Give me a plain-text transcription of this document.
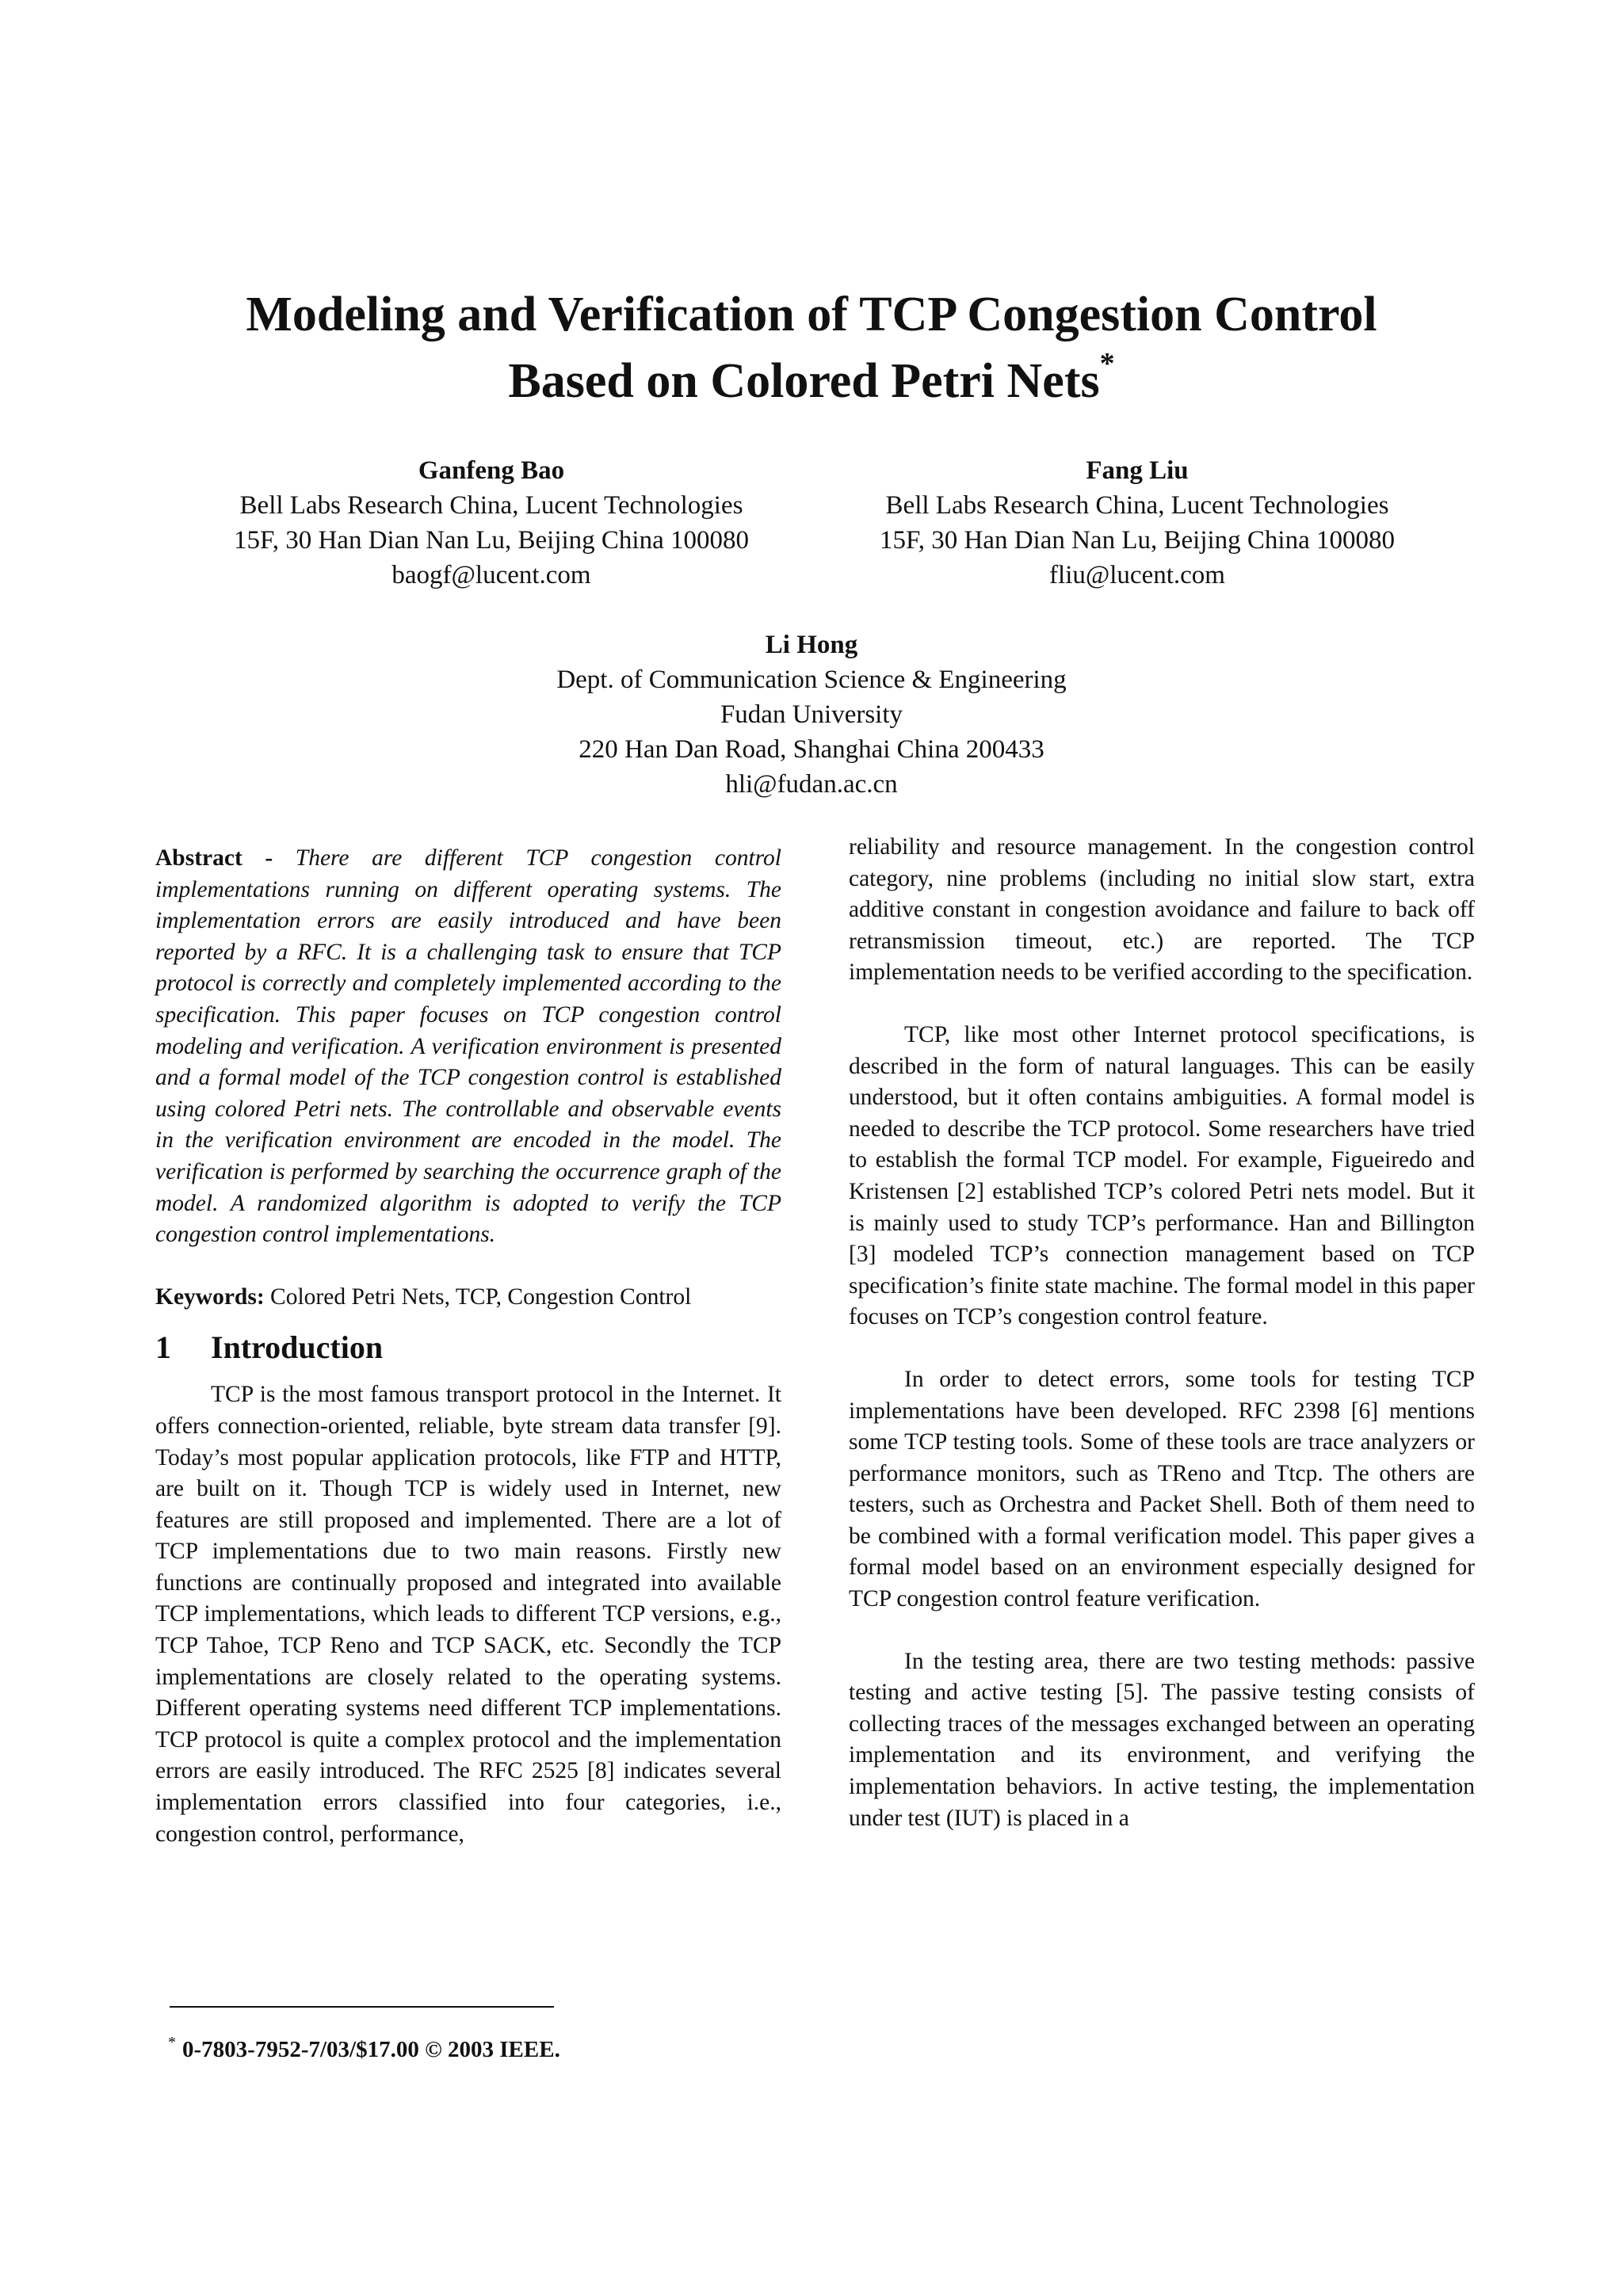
Modeling and Verification of TCP Congestion Control
Based on Colored Petri Nets*
Ganfeng Bao
Bell Labs Research China, Lucent Technologies
15F, 30 Han Dian Nan Lu, Beijing China 100080
baogf@lucent.com
Fang Liu
Bell Labs Research China, Lucent Technologies
15F, 30 Han Dian Nan Lu, Beijing China 100080
fliu@lucent.com
Li Hong
Dept. of Communication Science & Engineering
Fudan University
220 Han Dan Road, Shanghai China 200433
hli@fudan.ac.cn

Abstract - There are different TCP congestion control implementations running on different operating systems. The implementation errors are easily introduced and have been reported by a RFC. It is a challenging task to ensure that TCP protocol is correctly and completely implemented according to the specification. This paper focuses on TCP congestion control modeling and verification. A verification environment is presented and a formal model of the TCP congestion control is established using colored Petri nets. The controllable and observable events in the verification environment are encoded in the model. The verification is performed by searching the occurrence graph of the model. A randomized algorithm is adopted to verify the TCP congestion control implementations.

Keywords: Colored Petri Nets, TCP, Congestion Control

1 Introduction

TCP is the most famous transport protocol in the Internet. It offers connection-oriented, reliable, byte stream data transfer [9]. Today’s most popular application protocols, like FTP and HTTP, are built on it. Though TCP is widely used in Internet, new features are still proposed and implemented. There are a lot of TCP implementations due to two main reasons. Firstly new functions are continually proposed and integrated into available TCP implementations, which leads to different TCP versions, e.g., TCP Tahoe, TCP Reno and TCP SACK, etc. Secondly the TCP implementations are closely related to the operating systems. Different operating systems need different TCP implementations. TCP protocol is quite a complex protocol and the implementation errors are easily introduced. The RFC 2525 [8] indicates several implementation errors classified into four categories, i.e., congestion control, performance,

reliability and resource management. In the congestion control category, nine problems (including no initial slow start, extra additive constant in congestion avoidance and failure to back off retransmission timeout, etc.) are reported. The TCP implementation needs to be verified according to the specification.

TCP, like most other Internet protocol specifications, is described in the form of natural languages. This can be easily understood, but it often contains ambiguities. A formal model is needed to describe the TCP protocol. Some researchers have tried to establish the formal TCP model. For example, Figueiredo and Kristensen [2] established TCP’s colored Petri nets model. But it is mainly used to study TCP’s performance. Han and Billington [3] modeled TCP’s connection management based on TCP specification’s finite state machine. The formal model in this paper focuses on TCP’s congestion control feature.

In order to detect errors, some tools for testing TCP implementations have been developed. RFC 2398 [6] mentions some TCP testing tools. Some of these tools are trace analyzers or performance monitors, such as TReno and Ttcp. The others are testers, such as Orchestra and Packet Shell. Both of them need to be combined with a formal verification model. This paper gives a formal model based on an environment especially designed for TCP congestion control feature verification.

In the testing area, there are two testing methods: passive testing and active testing [5]. The passive testing consists of collecting traces of the messages exchanged between an operating implementation and its environment, and verifying the implementation behaviors. In active testing, the implementation under test (IUT) is placed in a

* 0-7803-7952-7/03/$17.00 © 2003 IEEE.
